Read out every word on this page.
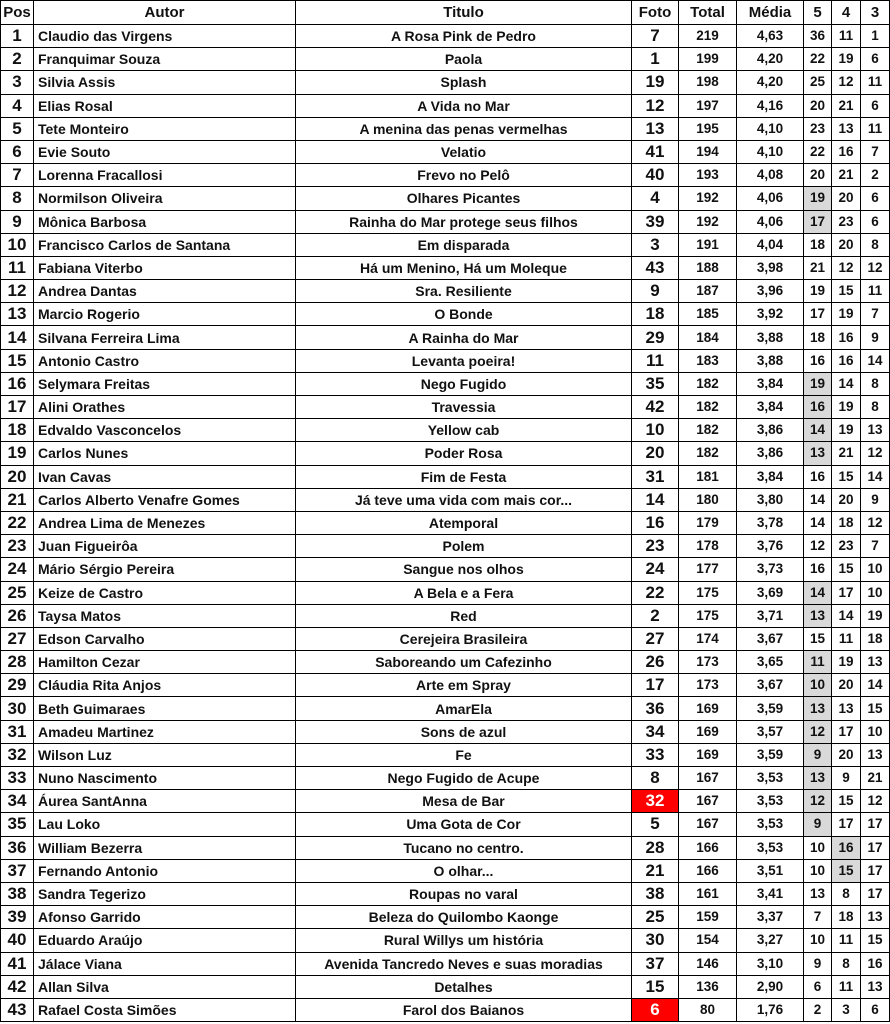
Pos	Autor	Titulo	Foto	Total	Média	5	4	3
1	Claudio das Virgens	A Rosa Pink de Pedro	7	219	4,63	36	11	1
2	Franquimar Souza	Paola	1	199	4,20	22	19	6
3	Silvia Assis	Splash	19	198	4,20	25	12	11
4	Elias Rosal	A Vida no Mar	12	197	4,16	20	21	6
5	Tete Monteiro	A menina das penas vermelhas	13	195	4,10	23	13	11
6	Evie Souto	Velatio	41	194	4,10	22	16	7
7	Lorenna Fracallosi	Frevo no Pelô	40	193	4,08	20	21	2
8	Normilson Oliveira	Olhares Picantes	4	192	4,06	19	20	6
9	Mônica Barbosa	Rainha do Mar protege seus filhos	39	192	4,06	17	23	6
10	Francisco Carlos de Santana	Em disparada	3	191	4,04	18	20	8
11	Fabiana Viterbo	Há um Menino, Há um Moleque	43	188	3,98	21	12	12
12	Andrea Dantas	Sra. Resiliente	9	187	3,96	19	15	11
13	Marcio Rogerio	O Bonde	18	185	3,92	17	19	7
14	Silvana Ferreira Lima	A Rainha do Mar	29	184	3,88	18	16	9
15	Antonio Castro	Levanta poeira!	11	183	3,88	16	16	14
16	Selymara Freitas	Nego Fugido	35	182	3,84	19	14	8
17	Alini Orathes	Travessia	42	182	3,84	16	19	8
18	Edvaldo Vasconcelos	Yellow cab	10	182	3,86	14	19	13
19	Carlos Nunes	Poder Rosa	20	182	3,86	13	21	12
20	Ivan Cavas	Fim de Festa	31	181	3,84	16	15	14
21	Carlos Alberto Venafre Gomes	Já teve uma vida com mais cor...	14	180	3,80	14	20	9
22	Andrea Lima de Menezes	Atemporal	16	179	3,78	14	18	12
23	Juan Figueirôa	Polem	23	178	3,76	12	23	7
24	Mário Sérgio Pereira	Sangue nos olhos	24	177	3,73	16	15	10
25	Keize de Castro	A Bela e a Fera	22	175	3,69	14	17	10
26	Taysa Matos	Red	2	175	3,71	13	14	19
27	Edson Carvalho	Cerejeira Brasileira	27	174	3,67	15	11	18
28	Hamilton Cezar	Saboreando um Cafezinho	26	173	3,65	11	19	13
29	Cláudia Rita Anjos	Arte em Spray	17	173	3,67	10	20	14
30	Beth Guimaraes	AmarEla	36	169	3,59	13	13	15
31	Amadeu Martinez	Sons de azul	34	169	3,57	12	17	10
32	Wilson Luz	Fe	33	169	3,59	9	20	13
33	Nuno Nascimento	Nego Fugido de Acupe	8	167	3,53	13	9	21
34	Áurea SantAnna	Mesa de Bar	32	167	3,53	12	15	12
35	Lau Loko	Uma Gota de Cor	5	167	3,53	9	17	17
36	William Bezerra	Tucano no centro.	28	166	3,53	10	16	17
37	Fernando Antonio	O olhar...	21	166	3,51	10	15	17
38	Sandra Tegerizo	Roupas no varal	38	161	3,41	13	8	17
39	Afonso Garrido	Beleza do Quilombo Kaonge	25	159	3,37	7	18	13
40	Eduardo Araújo	Rural Willys um história	30	154	3,27	10	11	15
41	Jálace Viana	Avenida Tancredo Neves e suas moradias	37	146	3,10	9	8	16
42	Allan Silva	Detalhes	15	136	2,90	6	11	13
43	Rafael Costa Simões	Farol dos Baianos	6	80	1,76	2	3	6
